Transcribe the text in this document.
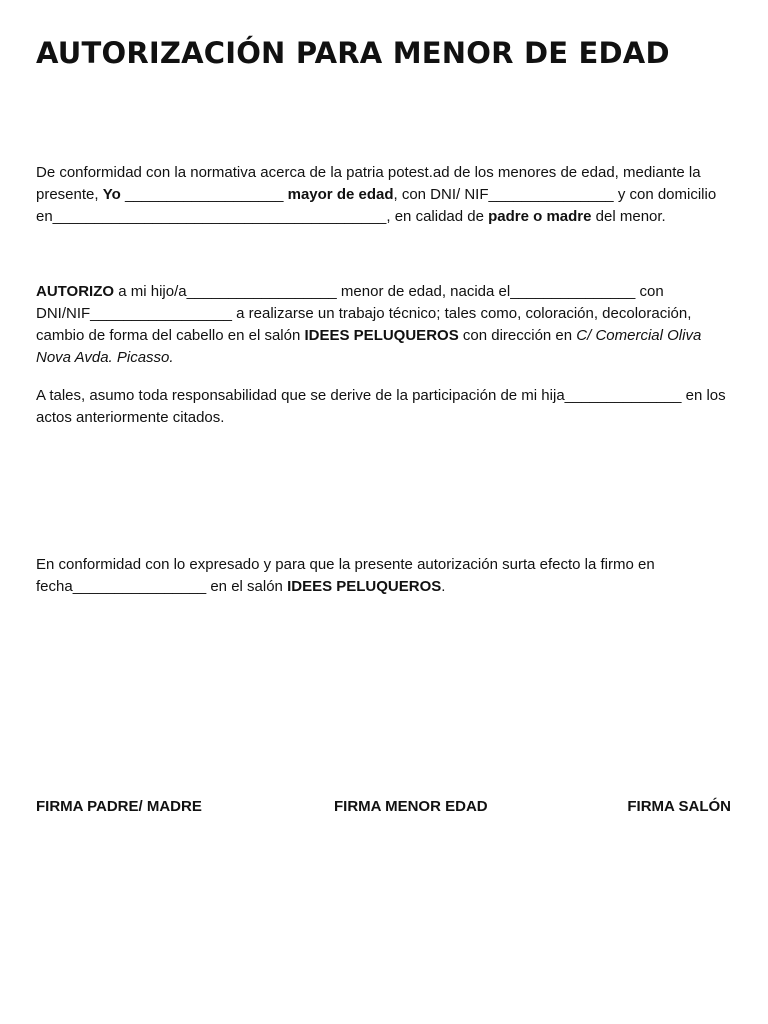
AUTORIZACIÓN PARA MENOR DE EDAD

De conformidad con la normativa acerca de la patria potest.ad de los menores de edad, mediante la presente, Yo ___________________ mayor de edad, con DNI/ NIF_______________ y con domicilio en________________________________________, en calidad de padre o madre del menor.

AUTORIZO a mi hijo/a__________________ menor de edad, nacida el_______________ con DNI/NIF_________________ a realizarse un trabajo técnico; tales como, coloración, decoloración, cambio de forma del cabello en el salón IDEES PELUQUEROS con dirección en C/ Comercial Oliva Nova Avda. Picasso.

A tales, asumo toda responsabilidad que se derive de la participación de mi hija______________ en los actos anteriormente citados.

En conformidad con lo expresado y para que la presente autorización surta efecto la firmo en fecha________________ en el salón IDEES PELUQUEROS.

FIRMA PADRE/ MADRE	FIRMA MENOR EDAD	FIRMA SALÓN
